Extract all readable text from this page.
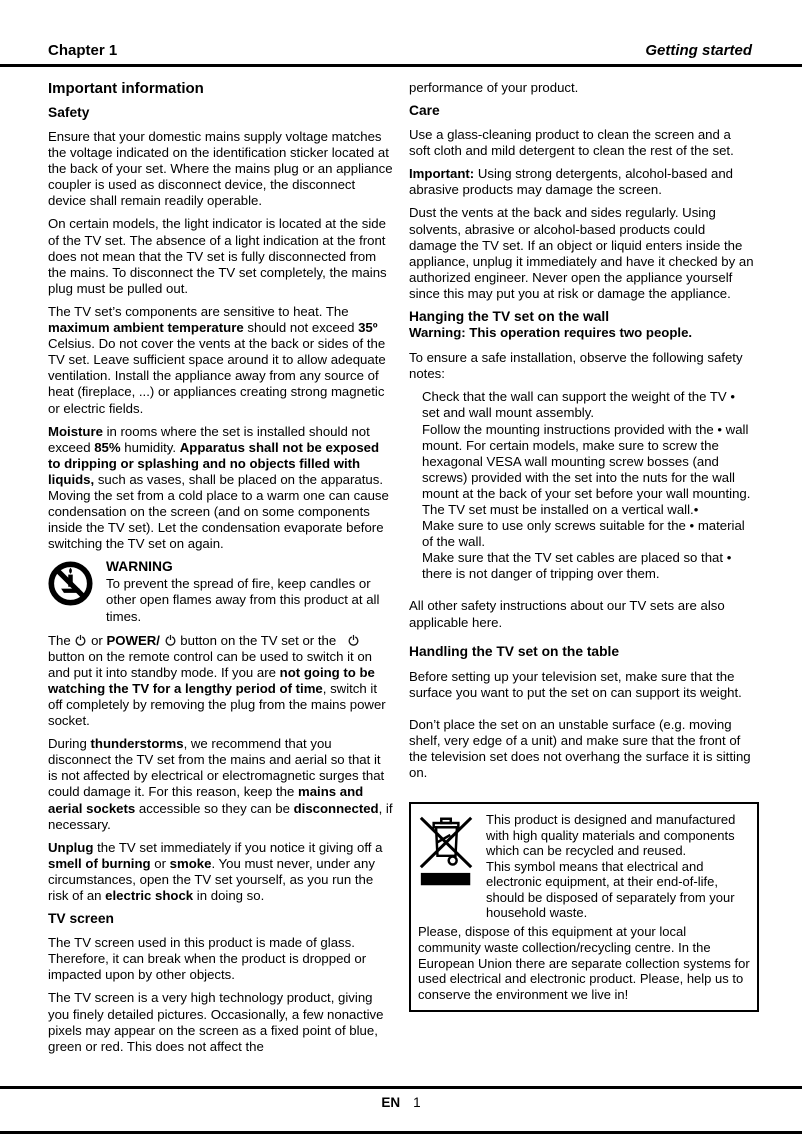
Chapter 1	Getting started
Important information
Safety

Ensure that your domestic mains supply voltage matches the voltage indicated on the identification sticker located at the back of your set. Where the mains plug or an appliance coupler is used as disconnect device, the disconnect device shall remain readily operable.

On certain models, the light indicator is located at the side of the TV set. The absence of a light indication at the front does not mean that the TV set is fully disconnected from the mains. To disconnect the TV set completely, the mains plug must be pulled out.

The TV set’s components are sensitive to heat. The maximum ambient temperature should not exceed 35º Celsius. Do not cover the vents at the back or sides of the TV set. Leave sufficient space around it to allow adequate ventilation. Install the appliance away from any source of heat (fireplace, ...) or appliances creating strong magnetic or electric fields.

Moisture in rooms where the set is installed should not exceed 85% humidity. Apparatus shall not be exposed to dripping or splashing and no objects filled with liquids, such as vases, shall be placed on the apparatus. Moving the set from a cold place to a warm one can cause condensation on the screen (and on some components inside the TV set). Let the condensation evaporate before switching the TV set on again.

WARNING

To prevent the spread of fire, keep candles or other open flames away from this product at all times.

The
or POWER/ button on the TV set or the
button on the remote control can be used to switch it on and put it into standby mode. If you are not going to be watching the TV for a lengthy period of time, switch it off completely by removing the plug from the mains power socket.

During thunderstorms, we recommend that you disconnect the TV set from the mains and aerial so that it is not affected by electrical or electromagnetic surges that could damage it. For this reason, keep the mains and aerial sockets accessible so they can be disconnected, if necessary.

Unplug the TV set immediately if you notice it giving off a smell of burning or smoke. You must never, under any circumstances, open the TV set yourself, as you run the risk of an electric shock in doing so.

TV screen

The TV screen used in this product is made of glass. Therefore, it can break when the product is dropped or impacted upon by other objects.

The TV screen is a very high technology product, giving you finely detailed pictures. Occasionally, a few nonactive pixels may appear on the screen as a fixed point of blue, green or red. This does not affect the

performance of your product.

Care

Use a glass-cleaning product to clean the screen and a soft cloth and mild detergent to clean the rest of the set.

Important: Using strong detergents, alcohol-based and abrasive products may damage the screen.

Dust the vents at the back and sides regularly. Using solvents, abrasive or alcohol-based products could damage the TV set. If an object or liquid enters inside the appliance, unplug it immediately and have it checked by an authorized engineer. Never open the appliance yourself since this may put you at risk or damage the appliance.

Hanging the TV set on the wall
Warning: This operation requires two people.

To ensure a safe installation, observe the following safety notes:

Check that the wall can support the weight of the TV • set and wall mount assembly.
Follow the mounting instructions provided with the • wall mount. For certain models, make sure to screw the hexagonal VESA wall mounting screw bosses (and screws) provided with the set into the nuts for the wall mount at the back of your set before your wall mounting.
The TV set must be installed on a vertical wall.•
Make sure to use only screws suitable for the • material of the wall.
Make sure that the TV set cables are placed so that • there is not danger of tripping over them.

All other safety instructions about our TV sets are also applicable here.

Handling the TV set on the table

Before setting up your television set, make sure that the surface you want to put the set on can support its weight.

Don’t place the set on an unstable surface (e.g. moving shelf, very edge of a unit) and make sure that the front of the television set does not overhang the surface it is sitting on.

This product is designed and manufactured with high quality materials and components which can be recycled and reused.

This symbol means that electrical and electronic equipment, at their end-of-life, should be disposed of separately from your household waste.

Please, dispose of this equipment at your local community waste collection/recycling centre. In the European Union there are separate collection systems for used electrical and electronic product. Please, help us to conserve the environment we live in!

EN 1
